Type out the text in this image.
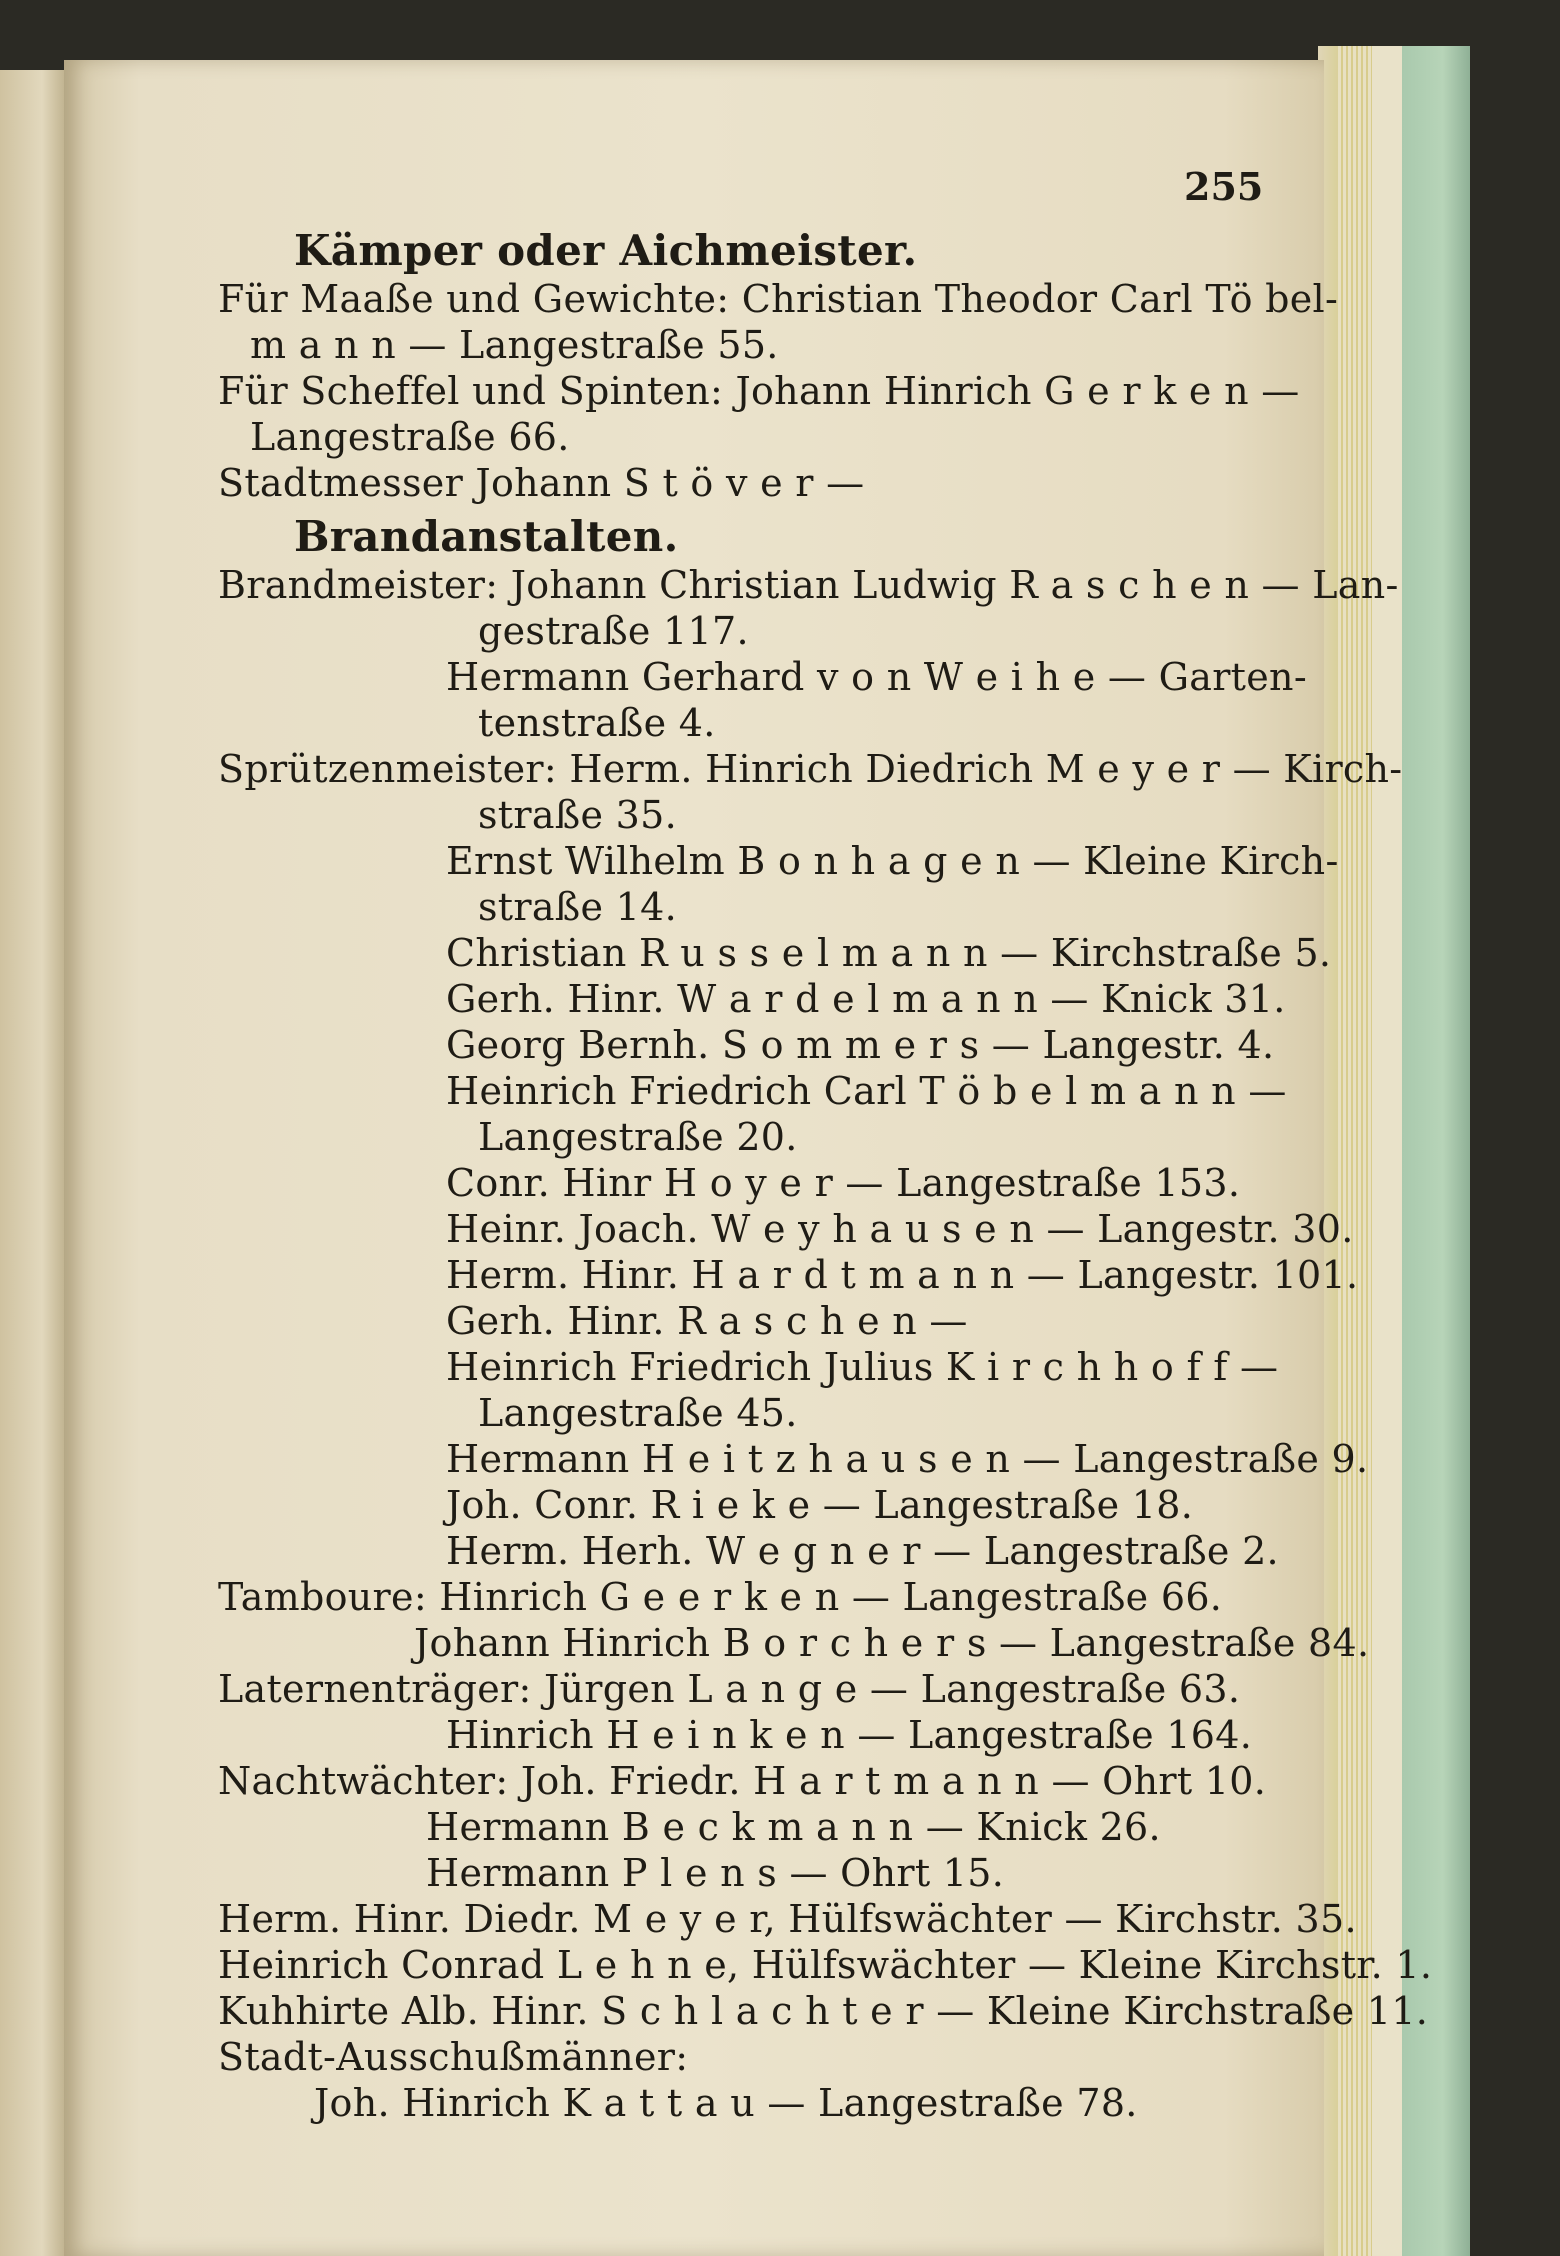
255
Kämper oder Aichmeister.
Für Maaße und Gewichte: Christian Theodor Carl Tö bel-
m a n n — Langestraße 55.
Für Scheffel und Spinten: Johann Hinrich G e r k e n —
Langestraße 66.
Stadtmesser Johann S t ö v e r —
Brandanstalten.
Brandmeister: Johann Christian Ludwig R a s c h e n — Lan-
gestraße 117.
Hermann Gerhard v o n W e i h e — Garten-
tenstraße 4.
Sprützenmeister: Herm. Hinrich Diedrich M e y e r — Kirch-
straße 35.
Ernst Wilhelm B o n h a g e n — Kleine Kirch-
straße 14.
Christian R u s s e l m a n n — Kirchstraße 5.
Gerh. Hinr. W a r d e l m a n n — Knick 31.
Georg Bernh. S o m m e r s — Langestr. 4.
Heinrich Friedrich Carl T ö b e l m a n n —
Langestraße 20.
Conr. Hinr H o y e r — Langestraße 153.
Heinr. Joach. W e y h a u s e n — Langestr. 30.
Herm. Hinr. H a r d t m a n n — Langestr. 101.
Gerh. Hinr. R a s c h e n —
Heinrich Friedrich Julius K i r c h h o f f —
Langestraße 45.
Hermann H e i t z h a u s e n — Langestraße 9.
Joh. Conr. R i e k e — Langestraße 18.
Herm. Herh. W e g n e r — Langestraße 2.
Tamboure: Hinrich G e e r k e n — Langestraße 66.
Johann Hinrich B o r c h e r s — Langestraße 84.
Laternenträger: Jürgen L a n g e — Langestraße 63.
Hinrich H e i n k e n — Langestraße 164.
Nachtwächter: Joh. Friedr. H a r t m a n n — Ohrt 10.
Hermann B e c k m a n n — Knick 26.
Hermann P l e n s — Ohrt 15.
Herm. Hinr. Diedr. M e y e r, Hülfswächter — Kirchstr. 35.
Heinrich Conrad L e h n e, Hülfswächter — Kleine Kirchstr. 1.
Kuhhirte Alb. Hinr. S c h l a c h t e r — Kleine Kirchstraße 11.
Stadt-Ausschußmänner:
Joh. Hinrich K a t t a u — Langestraße 78.
